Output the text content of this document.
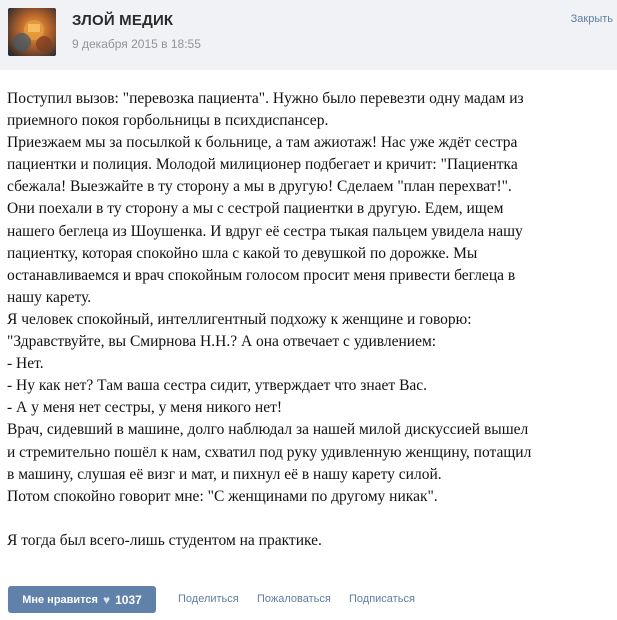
ЗЛОЙ МЕДИК
9 декабря 2015 в 18:55
Закрыть

Поступил вызов: "перевозка пациента". Нужно было перевезти одну мадам из

приемного покоя горбольницы в психдиспансер.

Приезжаем мы за посылкой к больнице, а там ажиотаж! Нас уже ждёт сестра

пациентки и полиция. Молодой милиционер подбегает и кричит: "Пациентка

сбежала! Выезжайте в ту сторону а мы в другую! Сделаем "план перехват!".

Они поехали в ту сторону а мы с сестрой пациентки в другую. Едем, ищем

нашего беглеца из Шоушенка. И вдруг её сестра тыкая пальцем увидела нашу

пациентку, которая спокойно шла с какой то девушкой по дорожке. Мы

останавливаемся и врач спокойным голосом просит меня привести беглеца в

нашу карету.

Я человек спокойный, интеллигентный подхожу к женщине и говорю:

"Здравствуйте, вы Смирнова Н.Н.? А она отвечает с удивлением:

- Нет.

- Ну как нет? Там ваша сестра сидит, утверждает что знает Вас.

- А у меня нет сестры, у меня никого нет!

Врач, сидевший в машине, долго наблюдал за нашей милой дискуссией вышел

и стремительно пошёл к нам, схватил под руку удивленную женщину, потащил

в машину, слушая её визг и мат, и пихнул её в нашу карету силой.

Потом спокойно говорит мне: "С женщинами по другому никак".

Я тогда был всего-лишь студентом на практике.

Мне нравится ♥ 1037	Поделиться Пожаловаться Подписаться
